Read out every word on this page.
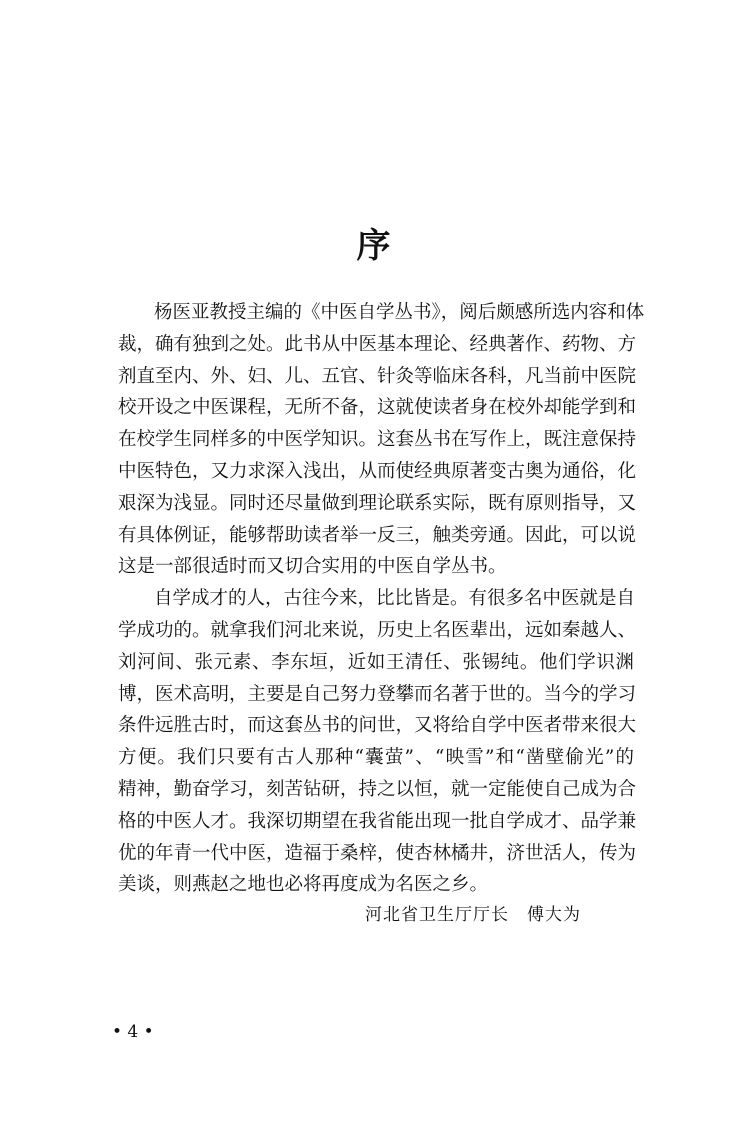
序
杨医亚教授主编的《中医自学丛书》，阅后颇感所选内容和体
裁，确有独到之处。此书从中医基本理论、经典著作、药物、方
剂直至内、外、妇、儿、五官、针灸等临床各科，凡当前中医院
校开设之中医课程，无所不备，这就使读者身在校外却能学到和
在校学生同样多的中医学知识。这套丛书在写作上，既注意保持
中医特色，又力求深入浅出，从而使经典原著变古奥为通俗，化
艰深为浅显。同时还尽量做到理论联系实际，既有原则指导，又
有具体例证，能够帮助读者举一反三，触类旁通。因此，可以说
这是一部很适时而又切合实用的中医自学丛书。
自学成才的人，古往今来，比比皆是。有很多名中医就是自
学成功的。就拿我们河北来说，历史上名医辈出，远如秦越人、
刘河间、张元素、李东垣，近如王清任、张锡纯。他们学识渊
博，医术高明，主要是自己努力登攀而名著于世的。当今的学习
条件远胜古时，而这套丛书的问世，又将给自学中医者带来很大
方便。我们只要有古人那种“囊萤”、“映雪”和“凿壁偷光”的
精神，勤奋学习，刻苦钻研，持之以恒，就一定能使自己成为合
格的中医人才。我深切期望在我省能出现一批自学成才、品学兼
优的年青一代中医，造福于桑梓，使杏林橘井，济世活人，传为
美谈，则燕赵之地也必将再度成为名医之乡。
河北省卫生厅厅长　傅大为
• 4 •
